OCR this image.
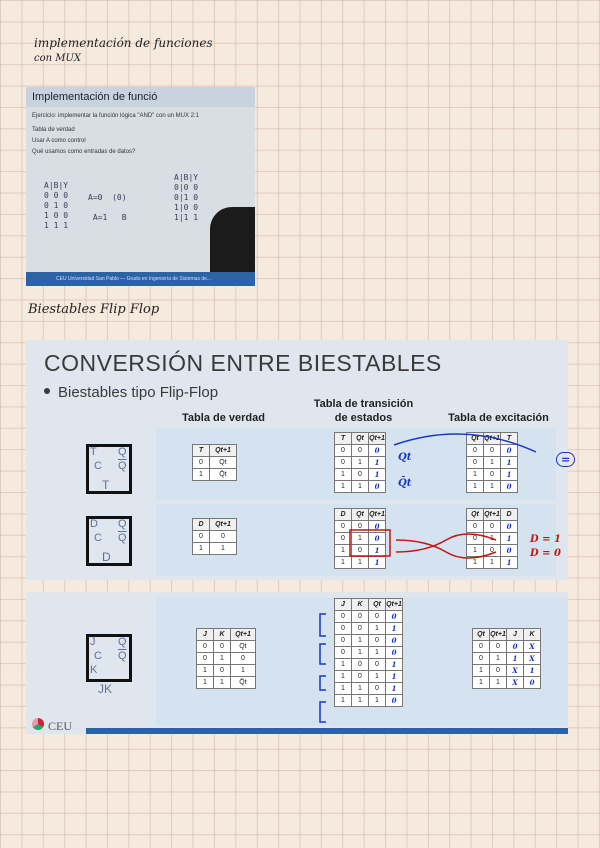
implementación de funciones
con MUX
Implementación de funció
Ejercicio: implementar la función lógica "AND" con un MUX 2:1
Tabla de verdad
Usar A como control
Qué usamos como entradas de datos?
A|B|Y
0 0 0
0 1 0
1 0 0
1 1 1
A=0  (0)

A=1   B
A|B|Y
0|0 0
0|1 0
1|0 0
1|1 1
CEU Universidad San Pablo — Grado en Ingeniería de Sistemas de...
Biestables Flip Flop
CONVERSIÓN ENTRE BIESTABLES
Biestables tipo Flip-Flop
Tabla de verdad
Tabla de transición
de estados	Tabla de excitación
T
C
Q
$\overline{Q}$
T
T	Qt+1
0	Qt
1	Q̄t
T	Qt	Qt+1
0	0	0
0	1	1
1	0	1
1	1	0
Qt
Q̄t
Qt	Qt+1	T
0	0	0
0	1	1
1	0	1
1	1	0
D
C
Q
$\overline{Q}$
D
D	Qt+1
0	0
1	1
D	Qt	Qt+1
0	0	0
0	1	0
1	0	1
1	1	1
Qt	Qt+1	D
0	0	0
0	1	1
1	0	0
1	1	1
D = 1
D = 0
=
J
C
K
Q
$\overline{Q}$
JK
J	K	Qt+1
0	0	Qt
0	1	0
1	0	1
1	1	Q̄t
J	K	Qt	Qt+1
0	0	0	0
0	0	1	1
0	1	0	0
0	1	1	0
1	0	0	1
1	0	1	1
1	1	0	1
1	1	1	0
Qt	Qt+1	J	K
0	0	0	X
0	1	1	X
1	0	X	1
1	1	X	0
CEU
